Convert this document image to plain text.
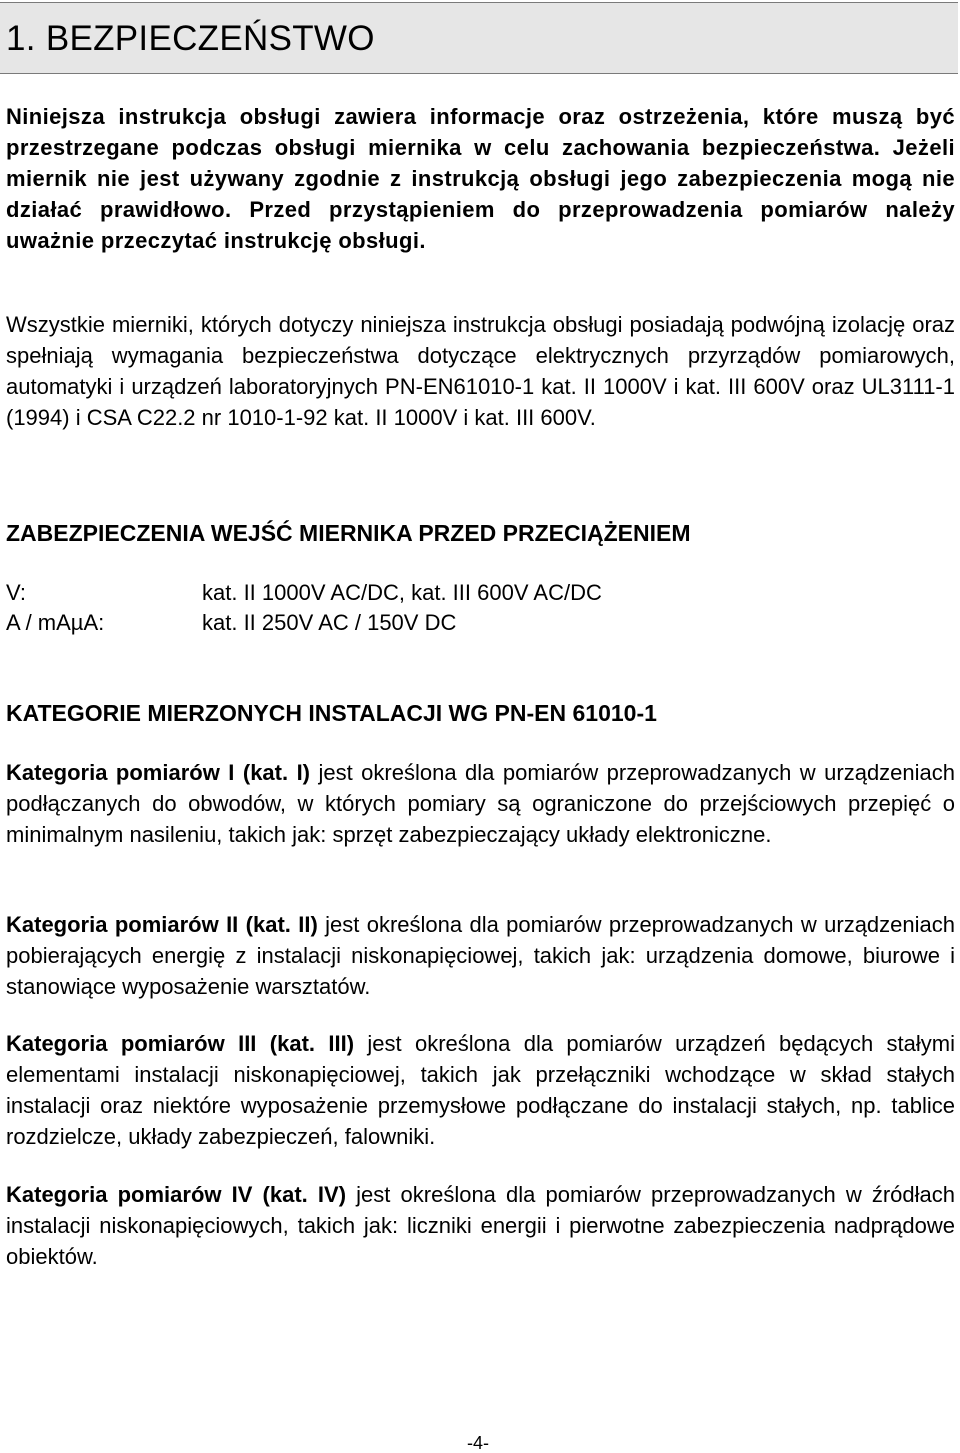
1. BEZPIECZEŃSTWO

Niniejsza instrukcja obsługi zawiera informacje oraz ostrzeżenia, które muszą być przestrzegane podczas obsługi miernika w celu zachowania bezpieczeństwa. Jeżeli miernik nie jest używany zgodnie z instrukcją obsługi jego zabezpieczenia mogą nie działać prawidłowo. Przed przystąpieniem do przeprowadzenia pomiarów należy uważnie przeczytać instrukcję obsługi.

Wszystkie mierniki, których dotyczy niniejsza instrukcja obsługi posiadają podwójną izolację oraz spełniają wymagania bezpieczeństwa dotyczące elektrycznych przyrządów pomiarowych, automatyki i urządzeń laboratoryjnych PN-EN61010-1 kat. II 1000V i kat. III 600V oraz UL3111-1 (1994) i CSA C22.2 nr 1010-1-92 kat. II 1000V i kat. III 600V.

ZABEZPIECZENIA WEJŚĆ MIERNIKA PRZED PRZECIĄŻENIEM
V:	kat. II 1000V AC/DC, kat. III 600V AC/DC
A / mAµA:	kat. II 250V AC / 150V DC
KATEGORIE MIERZONYCH INSTALACJI WG PN-EN 61010-1

Kategoria pomiarów I (kat. I) jest określona dla pomiarów przeprowadzanych w urządzeniach podłączanych do obwodów, w których pomiary są ograniczone do przejściowych przepięć o minimalnym nasileniu, takich jak: sprzęt zabezpieczający układy elektroniczne.

Kategoria pomiarów II (kat. II) jest określona dla pomiarów przeprowadzanych w urządzeniach pobierających energię z instalacji niskonapięciowej, takich jak: urządzenia domowe, biurowe i stanowiące wyposażenie warsztatów.

Kategoria pomiarów III (kat. III) jest określona dla pomiarów urządzeń będących stałymi elementami instalacji niskonapięciowej, takich jak przełączniki wchodzące w skład stałych instalacji oraz niektóre wyposażenie przemysłowe podłączane do instalacji stałych, np. tablice rozdzielcze, układy zabezpieczeń, falowniki.

Kategoria pomiarów IV (kat. IV) jest określona dla pomiarów przeprowadzanych w źródłach instalacji niskonapięciowych, takich jak: liczniki energii i pierwotne zabezpieczenia nadprądowe obiektów.

-4-
